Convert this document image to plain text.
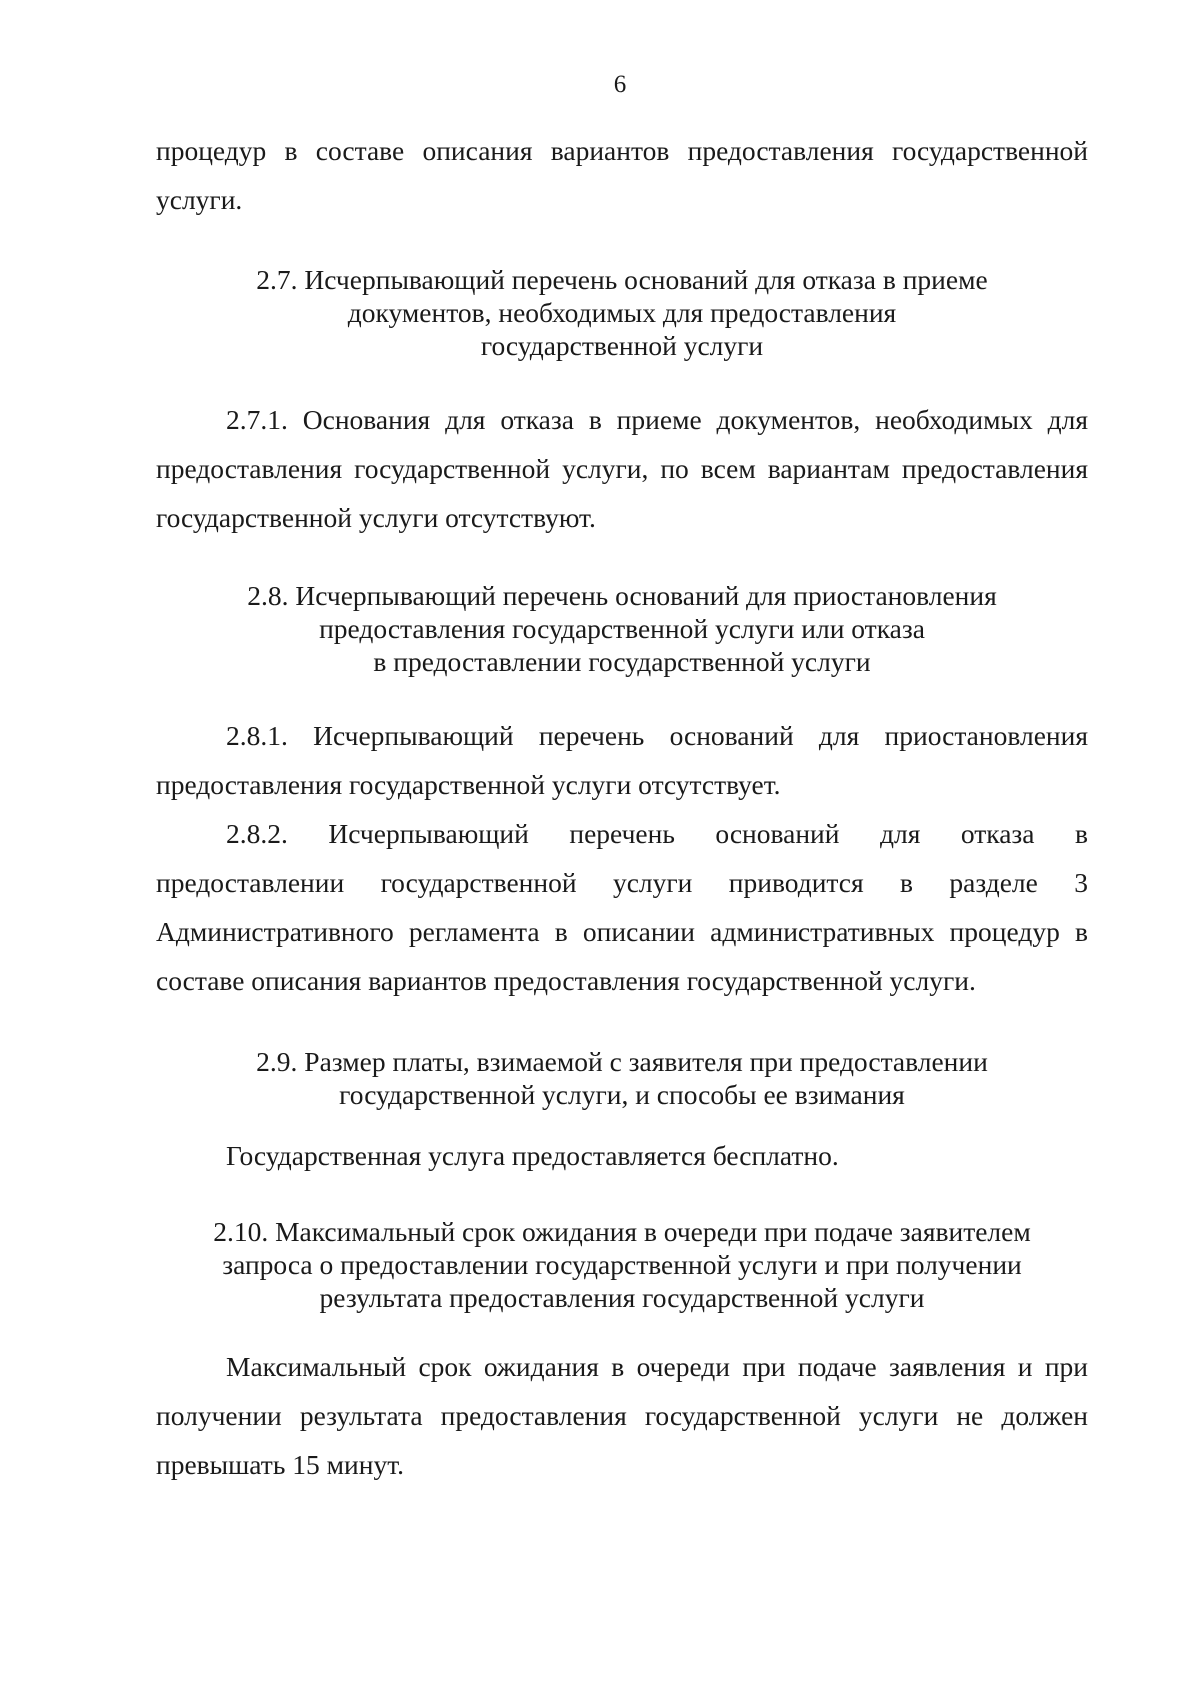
6

процедур в составе описания вариантов предоставления государственной
услуги.

2.7. Исчерпывающий перечень оснований для отказа в приеме
документов, необходимых для предоставления
государственной услуги

2.7.1. Основания для отказа в приеме документов, необходимых для предоставления государственной услуги, по всем вариантам предоставления государственной услуги отсутствуют.

2.8. Исчерпывающий перечень оснований для приостановления
предоставления государственной услуги или отказа
в предоставлении государственной услуги

2.8.1. Исчерпывающий перечень оснований для приостановления предоставления государственной услуги отсутствует.

2.8.2. Исчерпывающий перечень оснований для отказа в
предоставлении государственной услуги приводится в разделе 3
Административного регламента в описании административных процедур в
составе описания вариантов предоставления государственной услуги.

2.9. Размер платы, взимаемой с заявителя при предоставлении
государственной услуги, и способы ее взимания

Государственная услуга предоставляется бесплатно.

2.10. Максимальный срок ожидания в очереди при подаче заявителем
запроса о предоставлении государственной услуги и при получении
результата предоставления государственной услуги

Максимальный срок ожидания в очереди при подаче заявления и при получении результата предоставления государственной услуги не должен превышать 15 минут.
